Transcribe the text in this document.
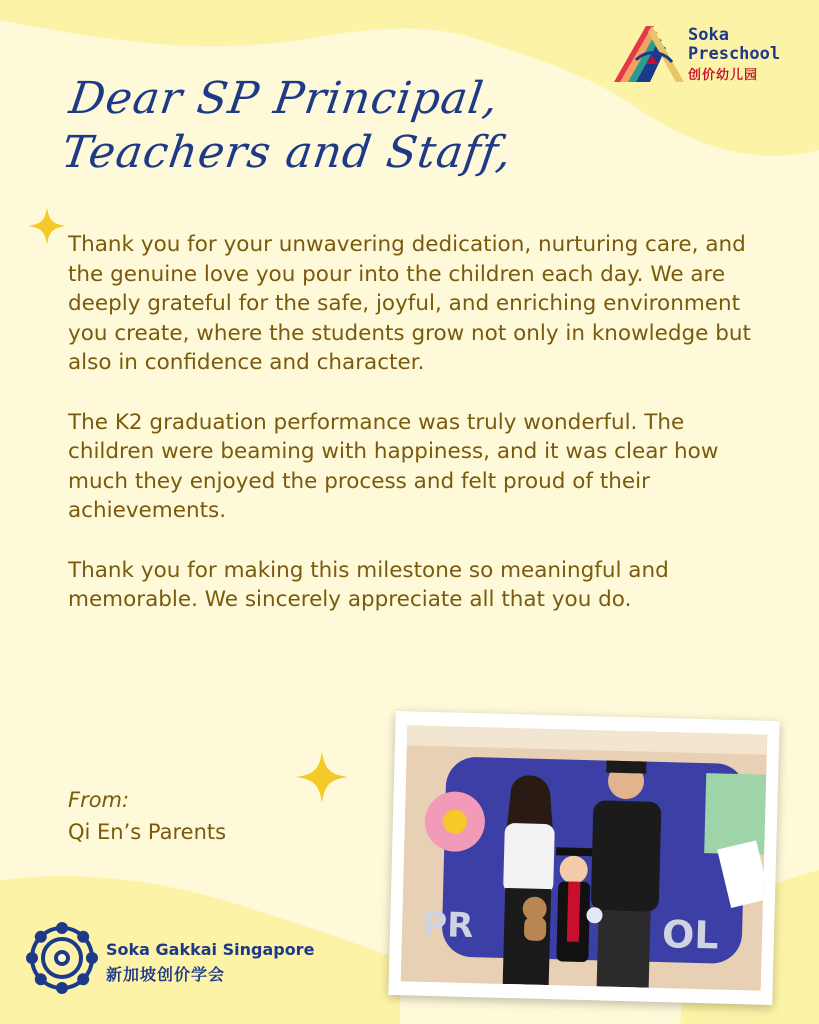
Soka
Preschool
创价幼儿园
Dear SP Principal,
Teachers and Staff,

Thank you for your unwavering dedication, nurturing care, and the genuine love you pour into the children each day. We are deeply grateful for the safe, joyful, and enriching environment you create, where the students grow not only in knowledge but also in confidence and character.

The K2 graduation performance was truly wonderful. The children were beaming with happiness, and it was clear how much they enjoyed the process and felt proud of their achievements.

Thank you for making this milestone so meaningful and memorable. We sincerely appreciate all that you do.

From:
Qi En’s Parents
PR	OL
Soka Gakkai Singapore
新加坡创价学会
